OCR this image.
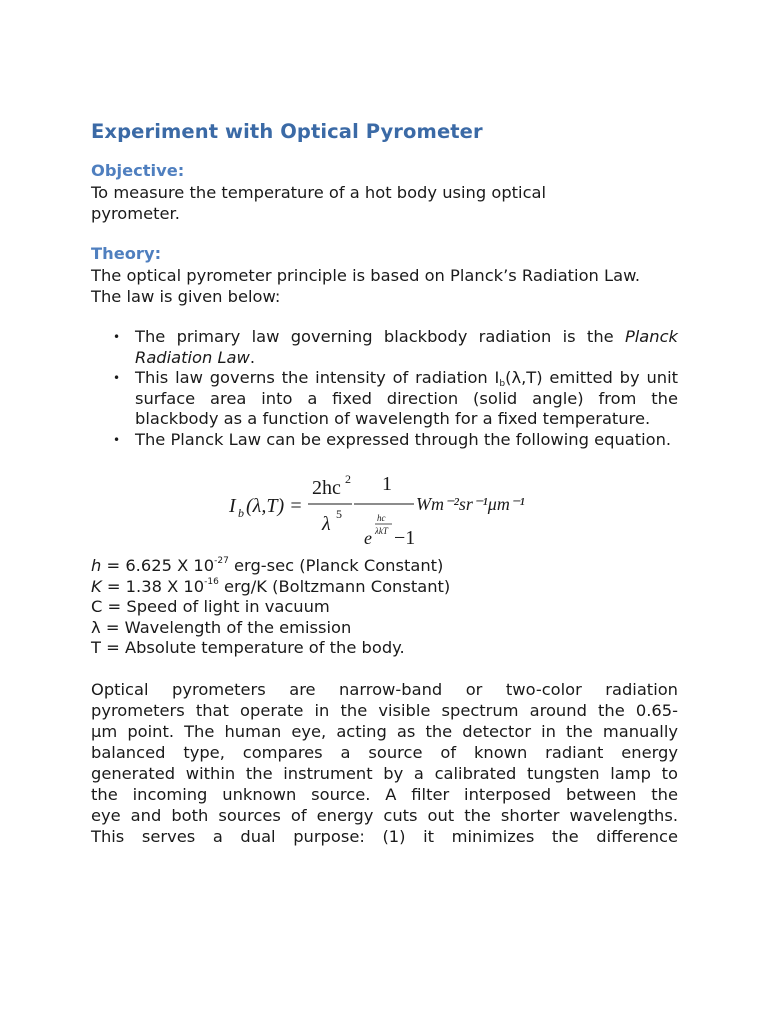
Experiment with Optical Pyrometer
Objective:

To measure the temperature of a hot body using optical pyrometer.

Theory:

The optical pyrometer principle is based on Planck’s Radiation Law. The law is given below:

• The primary law governing blackbody radiation is the Planck Radiation Law.
• This law governs the intensity of radiation $I_b(\lambda,T)$ emitted by unit surface area into a fixed direction (solid angle) from the blackbody as a function of wavelength for a fixed temperature.
• The Planck Law can be expressed through the following equation.
I b (λ,T) =
2hc 2
λ 5
1
e
hc
λkT −1
Wm⁻²sr⁻¹μm⁻¹

h = 6.625 X $10^{-27}$ erg-sec (Planck Constant)

K = 1.38 X $10^{-16}$ erg/K (Boltzmann Constant)

C = Speed of light in vacuum

λ = Wavelength of the emission

T = Absolute temperature of the body.

Optical pyrometers are narrow-band or two-color radiation
pyrometers that operate in the visible spectrum around the 0.65-
μm point. The human eye, acting as the detector in the manually
balanced type, compares a source of known radiant energy
generated within the instrument by a calibrated tungsten lamp to
the incoming unknown source. A filter interposed between the
eye and both sources of energy cuts out the shorter wavelengths.
This serves a dual purpose: (1) it minimizes the difference
